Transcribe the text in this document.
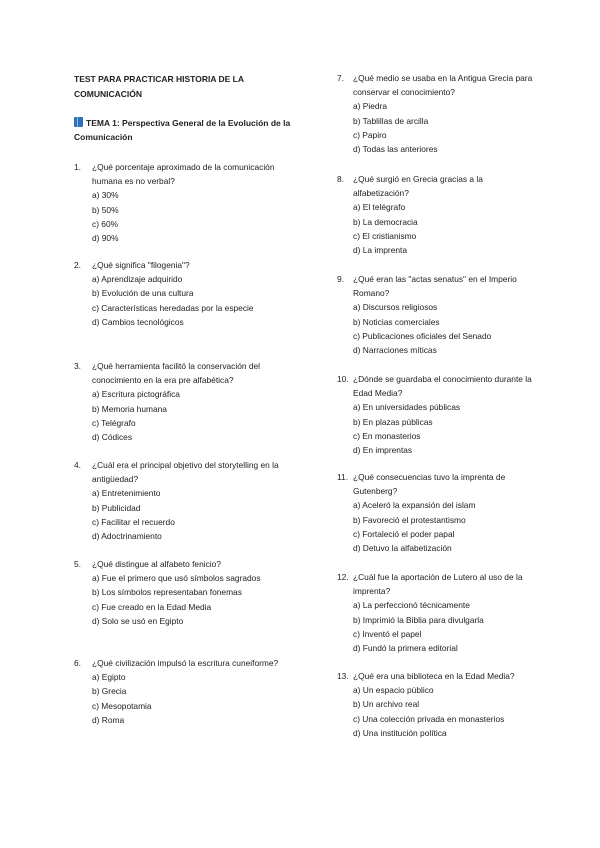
TEST PARA PRACTICAR HISTORIA DE LA COMUNICACIÓN
TEMA 1: Perspectiva General de la Evolución de la Comunicación
1.	¿Qué porcentaje aproximado de la comunicación humana es no verbal?
a) 30%
b) 50%
c) 60%
d) 90%
2.	¿Qué significa "filogenia"?
a) Aprendizaje adquirido
b) Evolución de una cultura
c) Características heredadas por la especie
d) Cambios tecnológicos
3.	¿Qué herramienta facilitó la conservación del conocimiento en la era pre alfabética?
a) Escritura pictográfica
b) Memoria humana
c) Telégrafo
d) Códices
4.	¿Cuál era el principal objetivo del storytelling en la antigüedad?
a) Entretenimiento
b) Publicidad
c) Facilitar el recuerdo
d) Adoctrinamiento
5.	¿Qué distingue al alfabeto fenicio?
a) Fue el primero que usó símbolos sagrados
b) Los símbolos representaban fonemas
c) Fue creado en la Edad Media
d) Solo se usó en Egipto
6.	¿Qué civilización impulsó la escritura cuneiforme?
a) Egipto
b) Grecia
c) Mesopotamia
d) Roma
7.	¿Qué medio se usaba en la Antigua Grecia para conservar el conocimiento?
a) Piedra
b) Tablillas de arcilla
c) Papiro
d) Todas las anteriores
8.	¿Qué surgió en Grecia gracias a la alfabetización?
a) El telégrafo
b) La democracia
c) El cristianismo
d) La imprenta
9.	¿Qué eran las "actas senatus" en el Imperio Romano?
a) Discursos religiosos
b) Noticias comerciales
c) Publicaciones oficiales del Senado
d) Narraciones míticas
10. ¿Dónde se guardaba el conocimiento durante la Edad Media?
a) En universidades públicas
b) En plazas públicas
c) En monasterios
d) En imprentas
11. ¿Qué consecuencias tuvo la imprenta de Gutenberg?
a) Aceleró la expansión del islam
b) Favoreció el protestantismo
c) Fortaleció el poder papal
d) Detuvo la alfabetización
12. ¿Cuál fue la aportación de Lutero al uso de la imprenta?
a) La perfeccionó técnicamente
b) Imprimió la Biblia para divulgarla
c) Inventó el papel
d) Fundó la primera editorial
13. ¿Qué era una biblioteca en la Edad Media?
a) Un espacio público
b) Un archivo real
c) Una colección privada en monasterios
d) Una institución política
